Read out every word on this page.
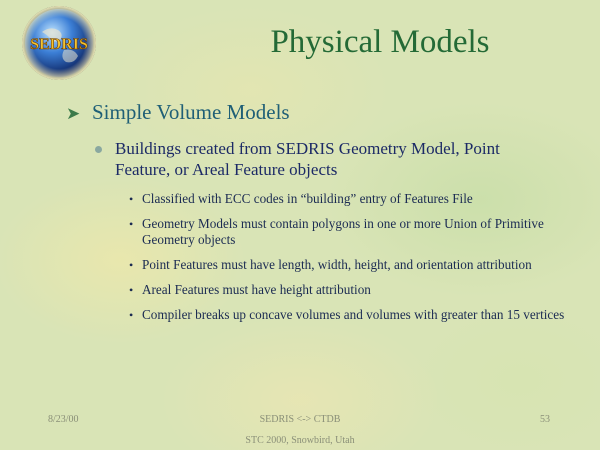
SEDRIS	Physical Models
➤ Simple Volume Models
Buildings created from SEDRIS Geometry Model, Point Feature, or Areal Feature objects
• Classified with ECC codes in “building” entry of Features File
• Geometry Models must contain polygons in one or more Union of Primitive Geometry objects
• Point Features must have length, width, height, and orientation attribution
• Areal Features must have height attribution
• Compiler breaks up concave volumes and volumes with greater than 15 vertices
8/23/00	SEDRIS <-> CTDB	53
STC 2000, Snowbird, Utah
